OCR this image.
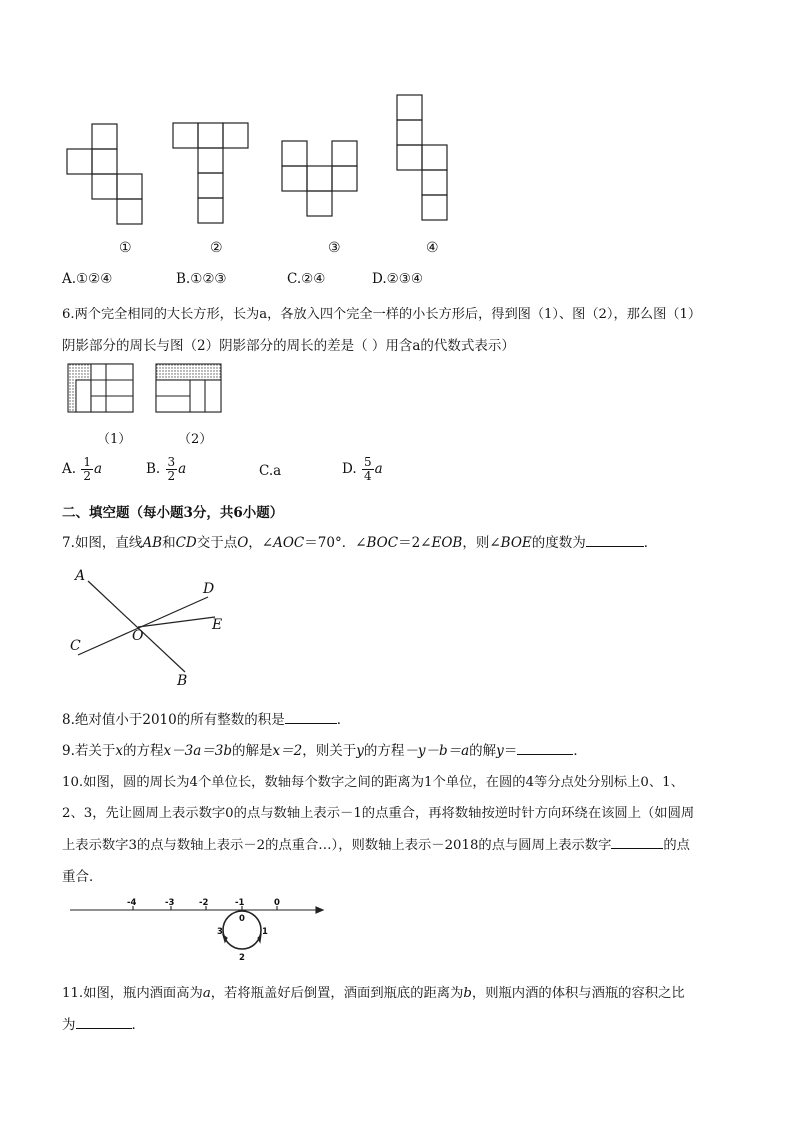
①	②	③	④
A.①②④	B.①②③	C.②④	D.②③④
6.两个完全相同的大长方形，长为a，各放入四个完全一样的小长方形后，得到图（1）、图（2），那么图（1）
阴影部分的周长与图（2）阴影部分的周长的差是（ ）用含a的代数式表示）
（1）	（2）
A. $\frac{1}{2}$ a	B. $\frac{3}{2}$ a	C.a	D. $\frac{5}{4}$ a
二、填空题（每小题3分，共6小题）
7.如图，直线AB和CD交于点O，∠AOC＝70°．∠BOC＝2∠EOB，则∠BOE的度数为	．
A
D
E
C
O
B
8.绝对值小于2010的所有整数的积是	．
9.若关于x的方程x－3a＝3b的解是x＝2，则关于y的方程－y－b＝a的解y＝	．
10.如图，圆的周长为4个单位长，数轴每个数字之间的距离为1个单位，在圆的4等分点处分别标上0、1、
2、3，先让圆周上表示数字0的点与数轴上表示－1的点重合，再将数轴按逆时针方向环绕在该圆上（如圆周
上表示数字3的点与数轴上表示－2的点重合…），则数轴上表示－2018的点与圆周上表示数字	的点
重合．
-4	-3	-2	-1	0
0
1
2
3
11.如图，瓶内酒面高为a，若将瓶盖好后倒置，酒面到瓶底的距离为b，则瓶内酒的体积与酒瓶的容积之比
为	．
